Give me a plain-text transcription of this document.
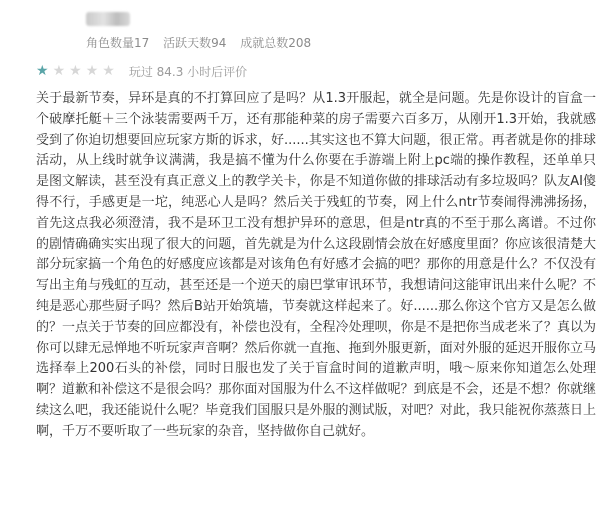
角色数量17 活跃天数94 成就总数208
★ ★ ★ ★ ★ 玩过 84.3 小时后评价
关于最新节奏，异环是真的不打算回应了是吗？从1.3开服起，就全是问题。先是你设计的盲盒一个破摩托艇＋三个泳装需要两千万，还有那能种菜的房子需要六百多万，从刚开1.3开始，我就感受到了你迫切想要回应玩家方斯的诉求，好......其实这也不算大问题，很正常。再者就是你的排球活动，从上线时就争议满满，我是搞不懂为什么你要在手游端上附上pc端的操作教程，还单单只是图文解读，甚至没有真正意义上的教学关卡，你是不知道你做的排球活动有多垃圾吗？队友AI傻得不行，手感更是一坨，纯恶心人是吗？然后关于残虹的节奏，网上什么ntr节奏闹得沸沸扬扬，首先这点我必须澄清，我不是环卫工没有想护异环的意思，但是ntr真的不至于那么离谱。不过你的剧情确确实实出现了很大的问题，首先就是为什么这段剧情会放在好感度里面？你应该很清楚大部分玩家搞一个角色的好感度应该都是对该角色有好感才会搞的吧？那你的用意是什么？不仅没有写出主角与残虹的互动，甚至还是一个逆天的扇巴掌审讯环节，我想请问这能审讯出来什么呢？不纯是恶心那些厨子吗？然后B站开始筑墙，节奏就这样起来了。好......那么你这个官方又是怎么做的？一点关于节奏的回应都没有，补偿也没有，全程冷处理呗，你是不是把你当成老米了？真以为你可以肆无忌惮地不听玩家声音啊？然后你就一直拖、拖到外服更新，面对外服的延迟开服你立马选择奉上200石头的补偿，同时日服也发了关于盲盒时间的道歉声明，哦～原来你知道怎么处理啊？道歉和补偿这不是很会吗？那你面对国服为什么不这样做呢？到底是不会，还是不想？你就继续这么吧，我还能说什么呢？毕竟我们国服只是外服的测试版，对吧？对此，我只能祝你蒸蒸日上啊，千万不要听取了一些玩家的杂音，坚持做你自己就好。
